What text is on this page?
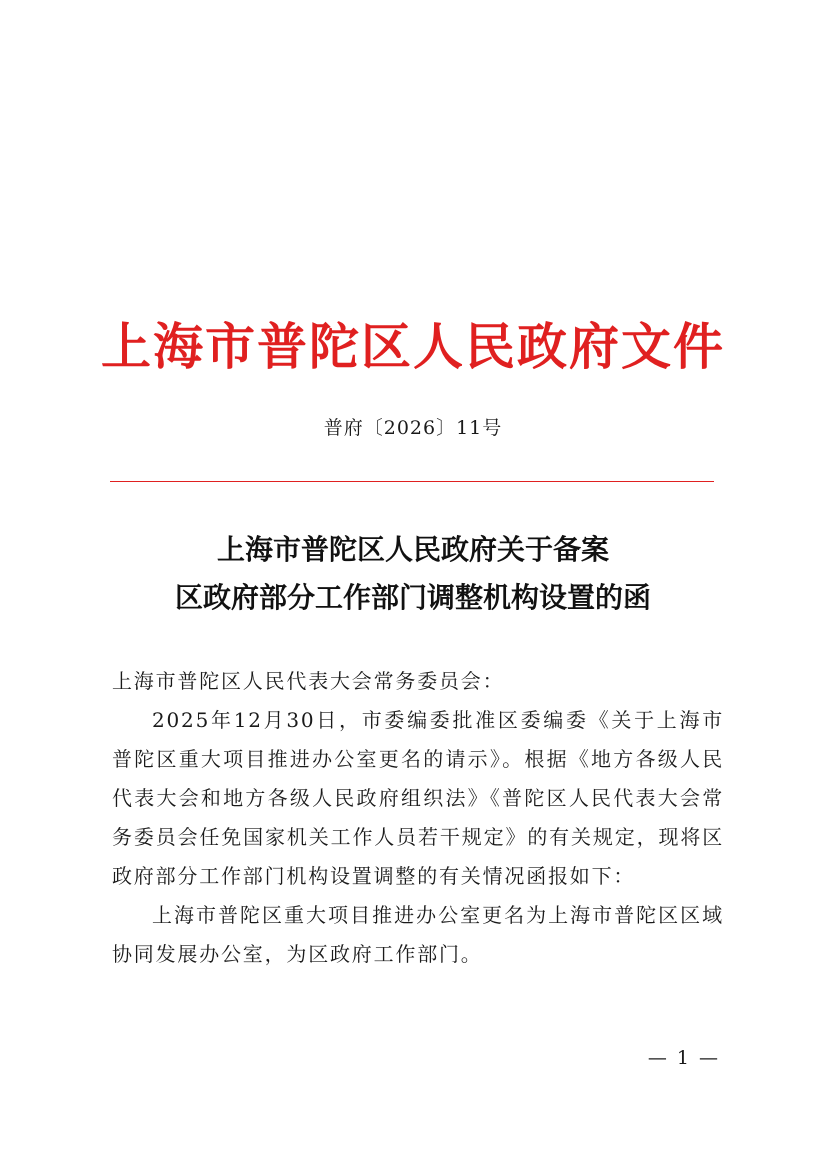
上海市普陀区人民政府文件
普府〔2026〕11号
上海市普陀区人民政府关于备案
区政府部分工作部门调整机构设置的函

上海市普陀区人民代表大会常务委员会：

2025年12月30日，市委编委批准区委编委《关于上海市普陀区重大项目推进办公室更名的请示》。根据《地方各级人民代表大会和地方各级人民政府组织法》《普陀区人民代表大会常务委员会任免国家机关工作人员若干规定》的有关规定，现将区政府部分工作部门机构设置调整的有关情况函报如下：

上海市普陀区重大项目推进办公室更名为上海市普陀区区域协同发展办公室，为区政府工作部门。

— 1 —
